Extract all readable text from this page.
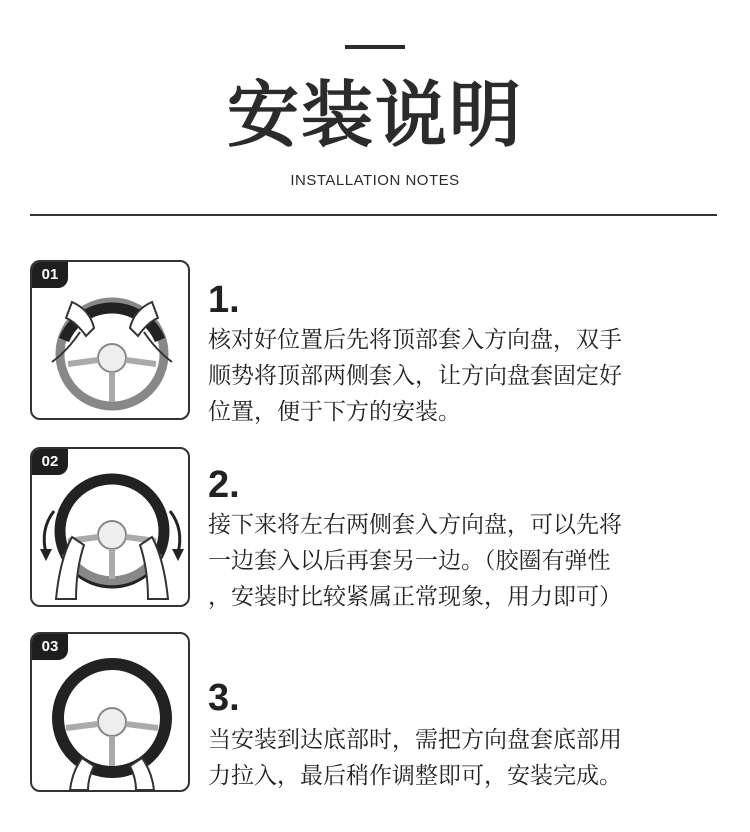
安装说明
INSTALLATION NOTES
01
1.
核对好位置后先将顶部套入方向盘，双手
顺势将顶部两侧套入，让方向盘套固定好
位置，便于下方的安装。
02
2.
接下来将左右两侧套入方向盘，可以先将
一边套入以后再套另一边。（胶圈有弹性
，安装时比较紧属正常现象，用力即可）
03
3.
当安装到达底部时，需把方向盘套底部用
力拉入，最后稍作调整即可，安装完成。
